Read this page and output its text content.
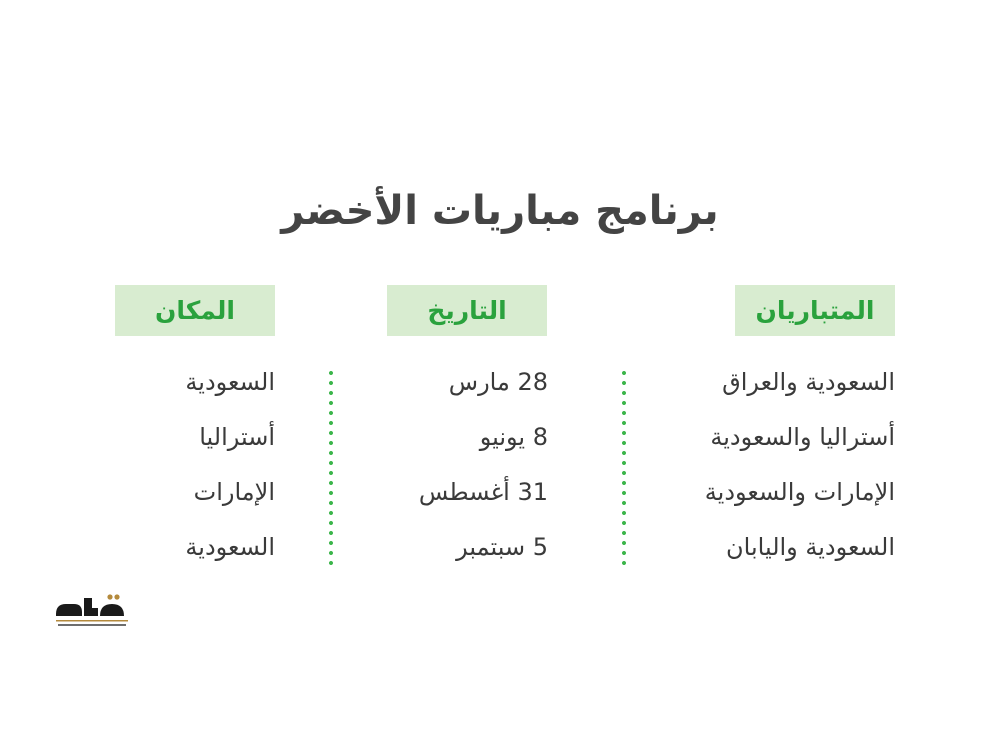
برنامج مباريات الأخضر
المتباريان
التاريخ
المكان
السعودية والعراق
أستراليا والسعودية
الإمارات والسعودية
السعودية واليابان
28 مارس
8 يونيو
31 أغسطس
5 سبتمبر
السعودية
أستراليا
الإمارات
السعودية
